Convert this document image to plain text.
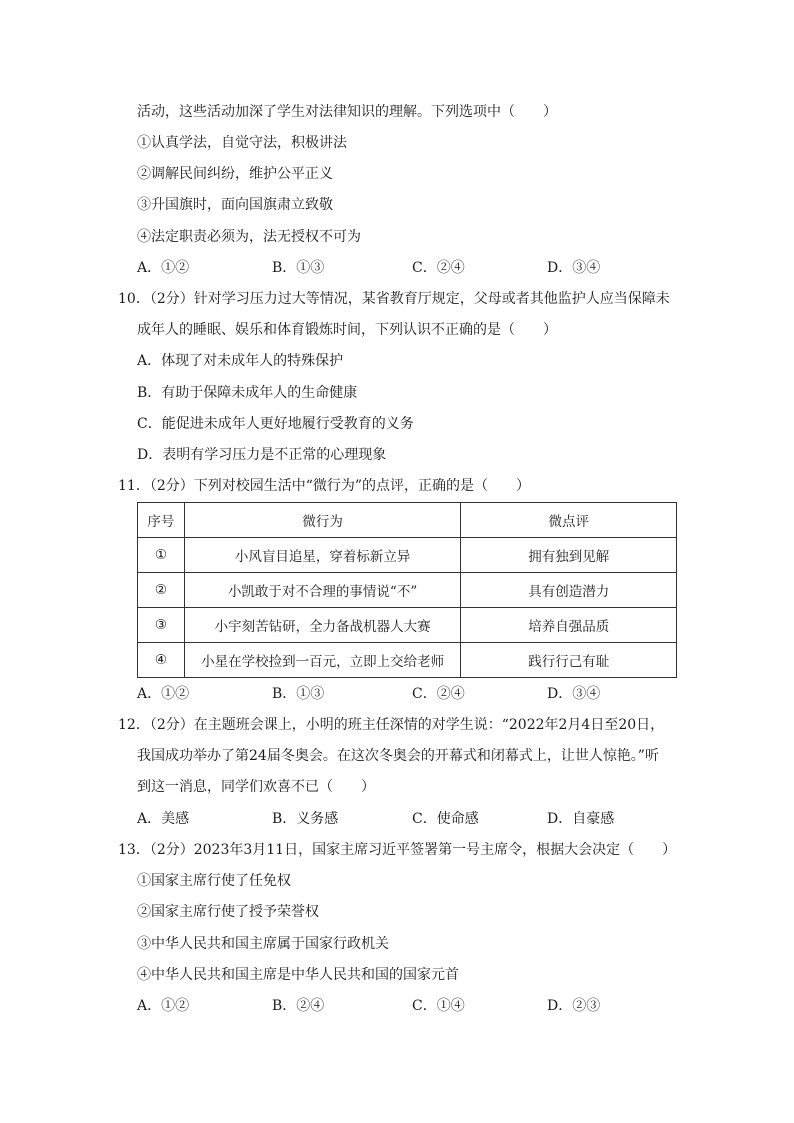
活动，这些活动加深了学生对法律知识的理解。下列选项中（　　）
①认真学法，自觉守法，积极讲法
②调解民间纠纷，维护公平正义
③升国旗时，面向国旗肃立致敬
④法定职责必须为，法无授权不可为
A．①②	B．①③	C．②④	D．③④
10．（2分）针对学习压力过大等情况，某省教育厅规定，父母或者其他监护人应当保障未
成年人的睡眠、娱乐和体育锻炼时间，下列认识不正确的是（　　）
A．体现了对未成年人的特殊保护
B．有助于保障未成年人的生命健康
C．能促进未成年人更好地履行受教育的义务
D．表明有学习压力是不正常的心理现象
11．（2分）下列对校园生活中“微行为”的点评，正确的是（　　）
序号	微行为	微点评
①	小风盲目追星，穿着标新立异	拥有独到见解
②	小凯敢于对不合理的事情说“不”	具有创造潜力
③	小宇刻苦钻研，全力备战机器人大赛	培养自强品质
④	小星在学校捡到一百元，立即上交给老师	践行行己有耻
A．①②	B．①③	C．②④	D．③④
12．（2分）在主题班会课上，小明的班主任深情的对学生说：“2022年2月4日至20日，
我国成功举办了第24届冬奥会。在这次冬奥会的开幕式和闭幕式上，让世人惊艳。”听
到这一消息，同学们欢喜不已（　　）
A．美感	B．义务感	C．使命感	D．自豪感
13．（2分）2023年3月11日，国家主席习近平签署第一号主席令，根据大会决定（　　）
①国家主席行使了任免权
②国家主席行使了授予荣誉权
③中华人民共和国主席属于国家行政机关
④中华人民共和国主席是中华人民共和国的国家元首
A．①②	B．②④	C．①④	D．②③
